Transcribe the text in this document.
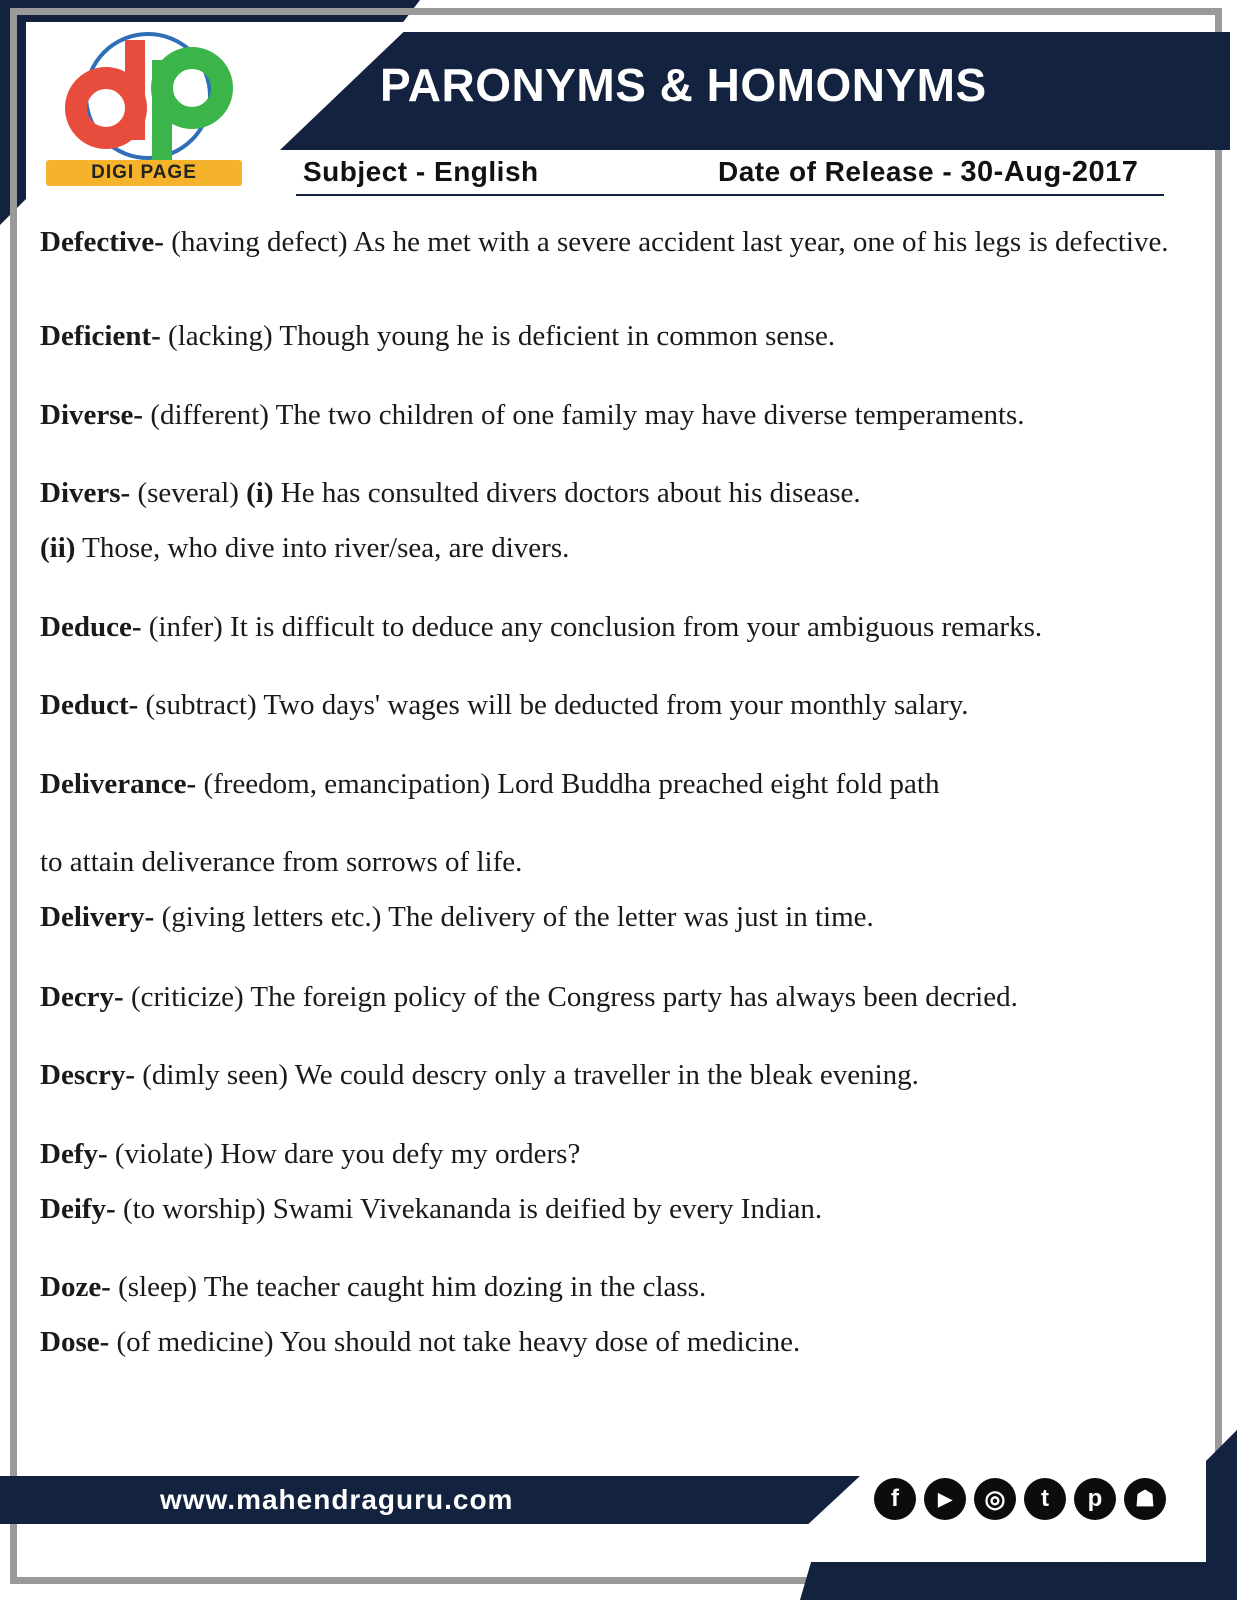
PARONYMS & HOMONYMS
DIGI PAGE	Subject - English	Date of Release - 30-Aug-2017
Defective- (having defect) As he met with a severe accident last year, one of his legs is defective.
Deficient- (lacking) Though young he is deficient in common sense.
Diverse- (different) The two children of one family may have diverse temperaments.
Divers- (several) (i) He has consulted divers doctors about his disease.
(ii) Those, who dive into river/sea, are divers.
Deduce- (infer) It is difficult to deduce any conclusion from your ambiguous remarks.
Deduct- (subtract) Two days' wages will be deducted from your monthly salary.
Deliverance- (freedom, emancipation) Lord Buddha preached eight fold path
to attain deliverance from sorrows of life.
Delivery- (giving letters etc.) The delivery of the letter was just in time.
Decry- (criticize) The foreign policy of the Congress party has always been decried.
Descry- (dimly seen) We could descry only a traveller in the bleak evening.
Defy- (violate) How dare you defy my orders?
Deify- (to worship) Swami Vivekananda is deified by every Indian.
Doze- (sleep) The teacher caught him dozing in the class.
Dose- (of medicine) You should not take heavy dose of medicine.
www.mahendraguru.com	f	▶	◎	t	p	☗
